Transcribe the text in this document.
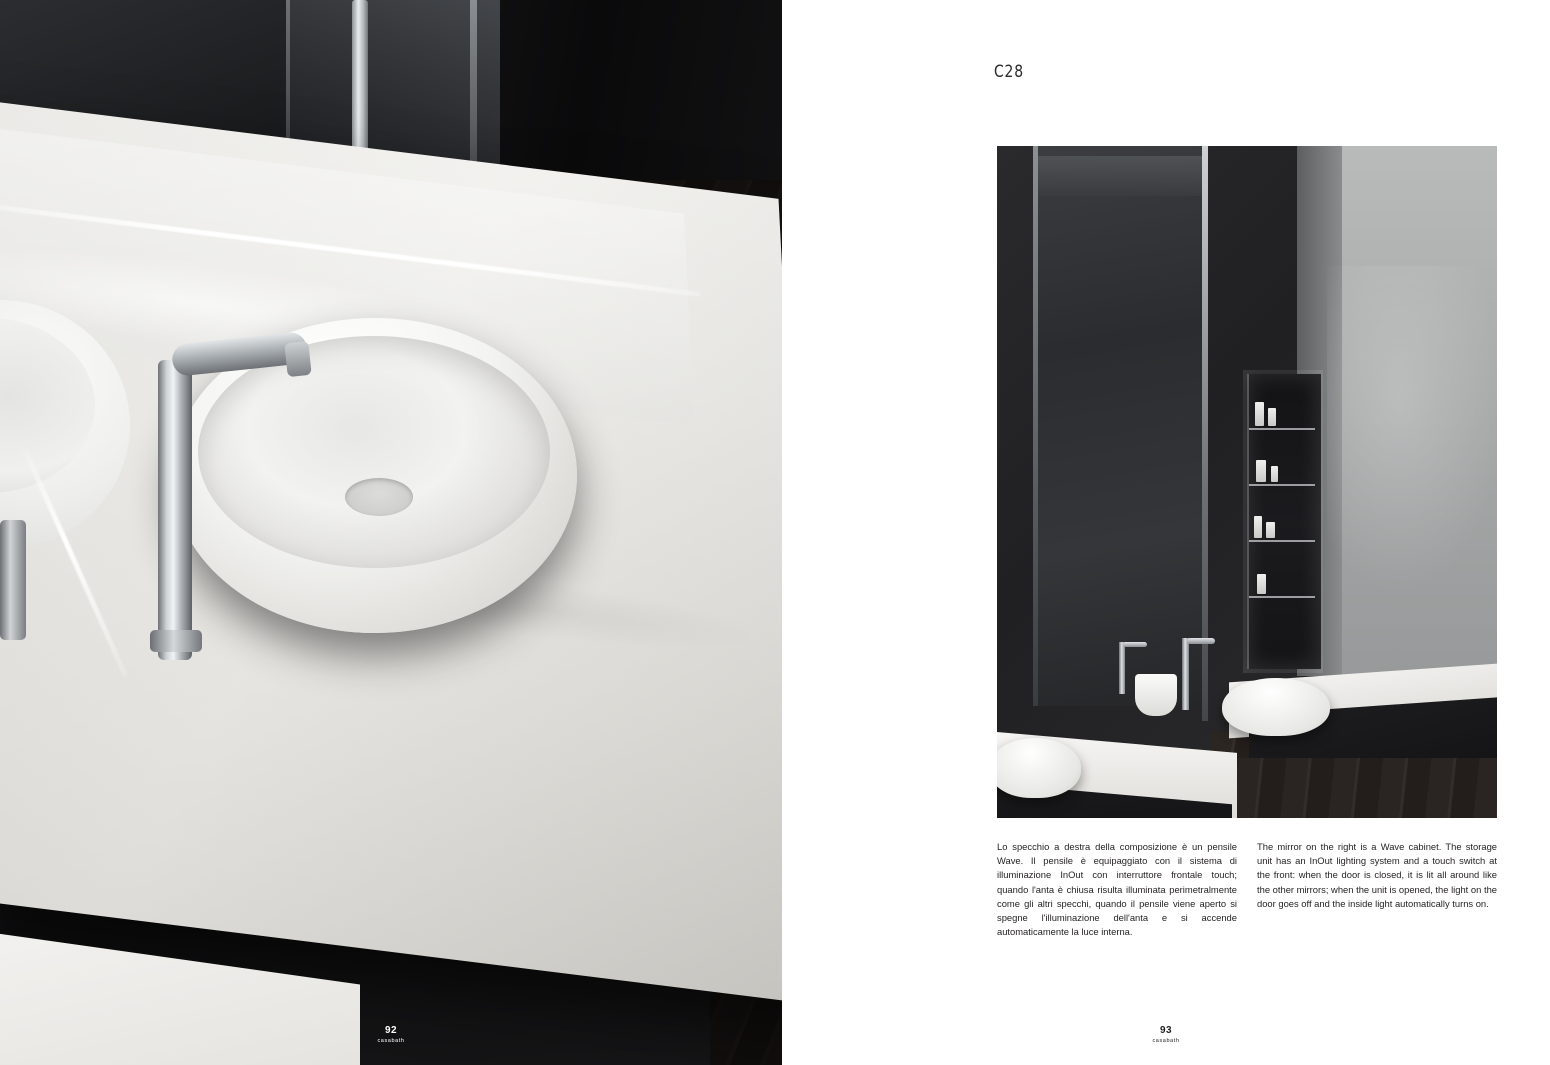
92
casabath
C28
Lo specchio a destra della composizione è un pensile Wave. Il pensile è equipaggiato con il sistema di illuminazione InOut con interruttore frontale touch; quando l'anta è chiusa risulta illuminata perimetralmente come gli altri specchi, quando il pensile viene aperto si spegne l'illuminazione dell'anta e si accende automaticamente la luce interna.
The mirror on the right is a Wave cabinet. The storage unit has an InOut lighting system and a touch switch at the front: when the door is closed, it is lit all around like the other mirrors; when the unit is opened, the light on the door goes off and the inside light automatically turns on.
93
casabath
